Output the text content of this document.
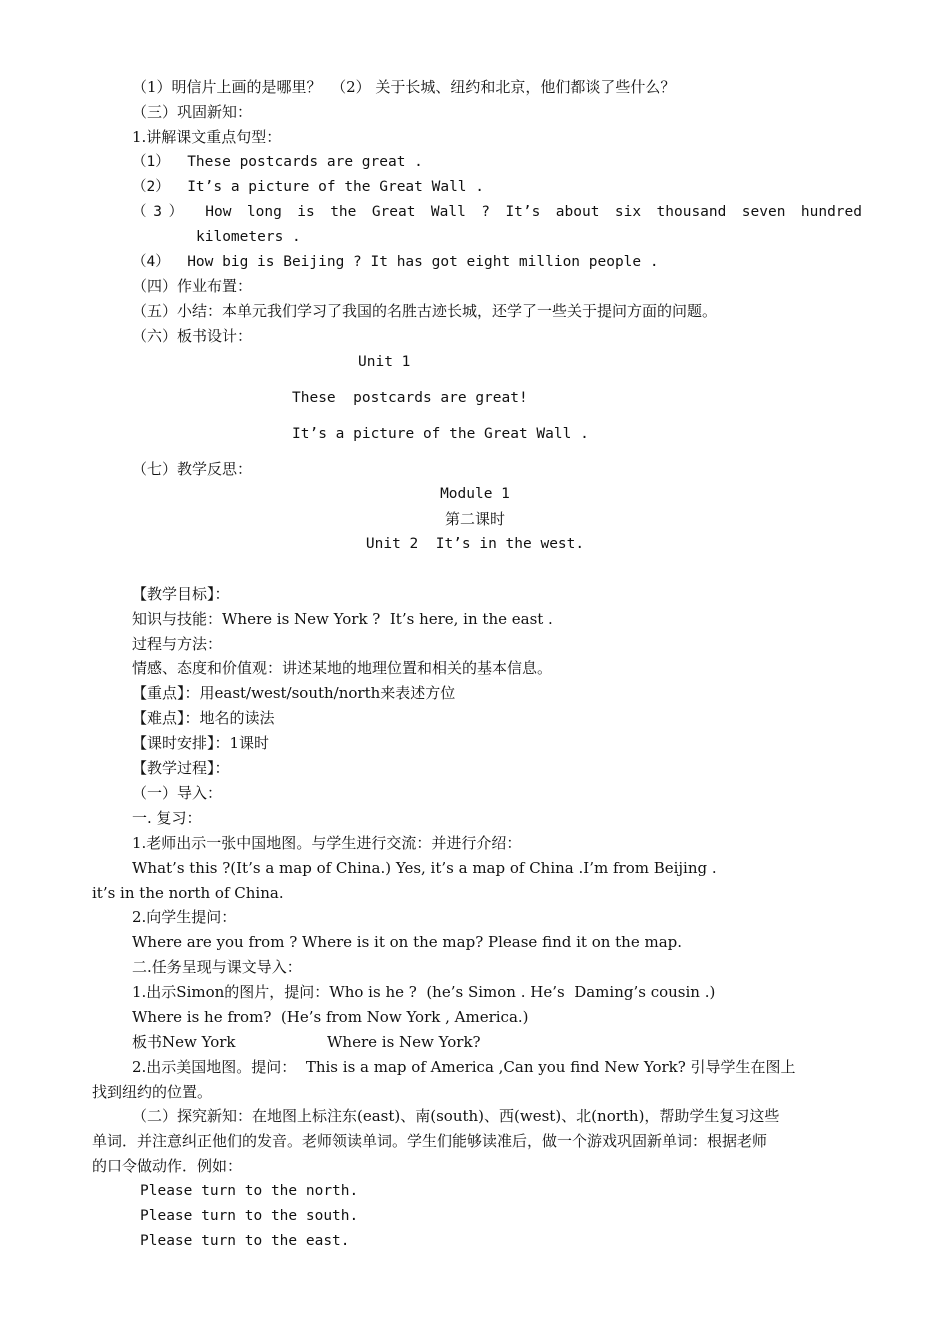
（1）明信片上画的是哪里？  （2） 关于长城、纽约和北京，他们都谈了些什么？
（三）巩固新知：
1.讲解课文重点句型：
（1）  These postcards are great .
（2）  It’s a picture of the Great Wall .
（3） How long is the Great Wall ? It’s about six thousand seven hundred
kilometers .
（4）  How big is Beijing ? It has got eight million people .
（四）作业布置：
（五）小结：本单元我们学习了我国的名胜古迹长城，还学了一些关于提问方面的问题。
（六）板书设计：
Unit 1
These  postcards are great!
It’s a picture of the Great Wall .
（七）教学反思：
Module 1
第二课时
Unit 2  It’s in the west.
【教学目标】：
知识与技能：Where is New York ?  It’s here, in the east .
过程与方法：
情感、态度和价值观：讲述某地的地理位置和相关的基本信息。
【重点】：用east/west/south/north来表述方位
【难点】：地名的读法
【课时安排】：1课时
【教学过程】：
（一）导入：
一. 复习：
1.老师出示一张中国地图。与学生进行交流：并进行介绍：
What’s this ?(It’s a map of China.) Yes, it’s a map of China .I’m from Beijing .
it’s in the north of China.
2.向学生提问：
Where are you from ? Where is it on the map? Please find it on the map.
二.任务呈现与课文导入：
1.出示Simon的图片，提问：Who is he ?  (he’s Simon . He’s  Daming’s cousin .)
Where is he from?  (He’s from Now York , America.)
板书New York	Where is New York?
2.出示美国地图。提问：  This is a map of America ,Can you find New York? 引导学生在图上
找到纽约的位置。
（二）探究新知：在地图上标注东(east)、南(south)、西(west)、北(north)，帮助学生复习这些
单词．并注意纠正他们的发音。老师领读单词。学生们能够读准后，做一个游戏巩固新单词：根据老师
的口令做动作．例如：
Please turn to the north.
Please turn to the south.
Please turn to the east.
